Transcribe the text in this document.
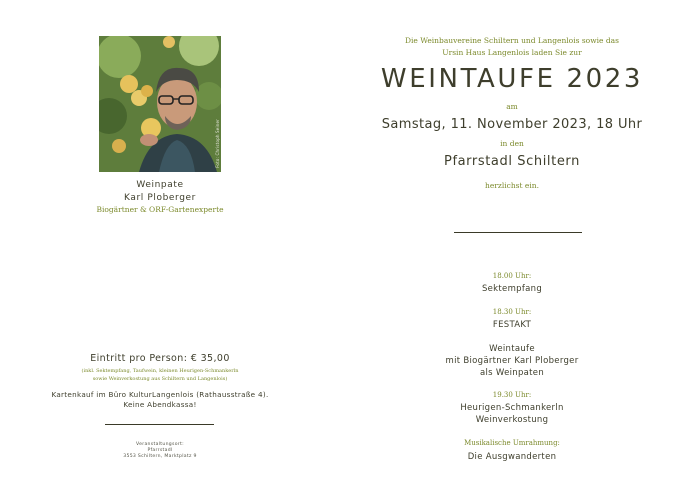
Foto: Christoph Seiner
Weinpate
Karl Ploberger
Biogärtner & ORF-Gartenexperte
Eintritt pro Person: € 35,00
(inkl. Sektempfang, Taufwein, kleinen Heurigen-Schmankerln
sowie Weinverkostung aus Schiltern und Langenlois)
Kartenkauf im Büro KulturLangenlois (Rathausstraße 4).
Keine Abendkassa!
Veranstaltungsort:
Pfarrstadl
3553 Schiltern, Marktplatz 9
Die Weinbauvereine Schiltern und Langenlois sowie das
Ursin Haus Langenlois laden Sie zur
WEINTAUFE 2023
am
Samstag, 11. November 2023, 18 Uhr
in den
Pfarrstadl Schiltern
herzlichst ein.
18.00 Uhr:
Sektempfang
18.30 Uhr:
FESTAKT
Weintaufe
mit Biogärtner Karl Ploberger
als Weinpaten
19.30 Uhr:
Heurigen-Schmankerln
Weinverkostung
Musikalische Umrahmung:
Die Ausgwanderten
